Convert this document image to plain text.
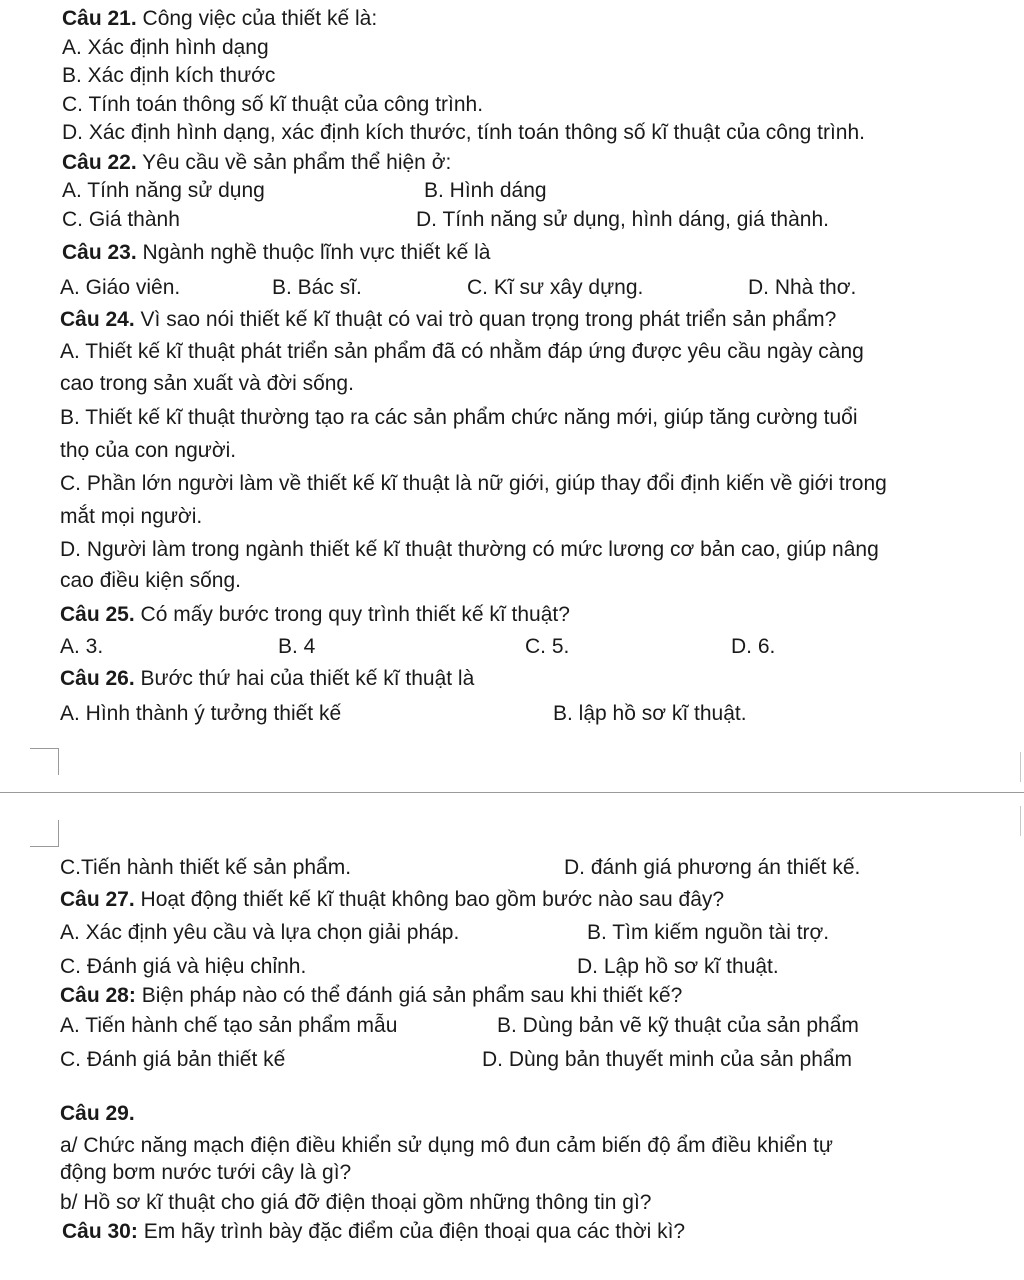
Câu 21. Công việc của thiết kế là:
A. Xác định hình dạng
B. Xác định kích thước
C. Tính toán thông số kĩ thuật của công trình.
D. Xác định hình dạng, xác định kích thước, tính toán thông số kĩ thuật của công trình.
Câu 22. Yêu cầu về sản phẩm thể hiện ở:
A. Tính năng sử dụng	B. Hình dáng
C. Giá thành	D. Tính năng sử dụng, hình dáng, giá thành.
Câu 23. Ngành nghề thuộc lĩnh vực thiết kế là
A. Giáo viên.	B. Bác sĩ.	C. Kĩ sư xây dựng.	D. Nhà thơ.
Câu 24. Vì sao nói thiết kế kĩ thuật có vai trò quan trọng trong phát triển sản phẩm?
A. Thiết kế kĩ thuật phát triển sản phẩm đã có nhằm đáp ứng được yêu cầu ngày càng
cao trong sản xuất và đời sống.
B. Thiết kế kĩ thuật thường tạo ra các sản phẩm chức năng mới, giúp tăng cường tuổi
thọ của con người.
C. Phần lớn người làm về thiết kế kĩ thuật là nữ giới, giúp thay đổi định kiến về giới trong
mắt mọi người.
D. Người làm trong ngành thiết kế kĩ thuật thường có mức lương cơ bản cao, giúp nâng
cao điều kiện sống.
Câu 25. Có mấy bước trong quy trình thiết kế kĩ thuật?
A. 3.	B. 4	C. 5.	D. 6.
Câu 26. Bước thứ hai của thiết kế kĩ thuật là
A. Hình thành ý tưởng thiết kế	B. lập hồ sơ kĩ thuật.
C.Tiến hành thiết kế sản phẩm.	D. đánh giá phương án thiết kế.
Câu 27. Hoạt động thiết kế kĩ thuật không bao gồm bước nào sau đây?
A. Xác định yêu cầu và lựa chọn giải pháp.	B. Tìm kiếm nguồn tài trợ.
C. Đánh giá và hiệu chỉnh.	D. Lập hồ sơ kĩ thuật.
Câu 28: Biện pháp nào có thể đánh giá sản phẩm sau khi thiết kế?
A. Tiến hành chế tạo sản phẩm mẫu	B. Dùng bản vẽ kỹ thuật của sản phẩm
C. Đánh giá bản thiết kế	D. Dùng bản thuyết minh của sản phẩm
Câu 29.
a/ Chức năng mạch điện điều khiển sử dụng mô đun cảm biến độ ẩm điều khiển tự
động bơm nước tưới cây là gì?
b/ Hồ sơ kĩ thuật cho giá đỡ điện thoại gồm những thông tin gì?
Câu 30: Em hãy trình bày đặc điểm của điện thoại qua các thời kì?
